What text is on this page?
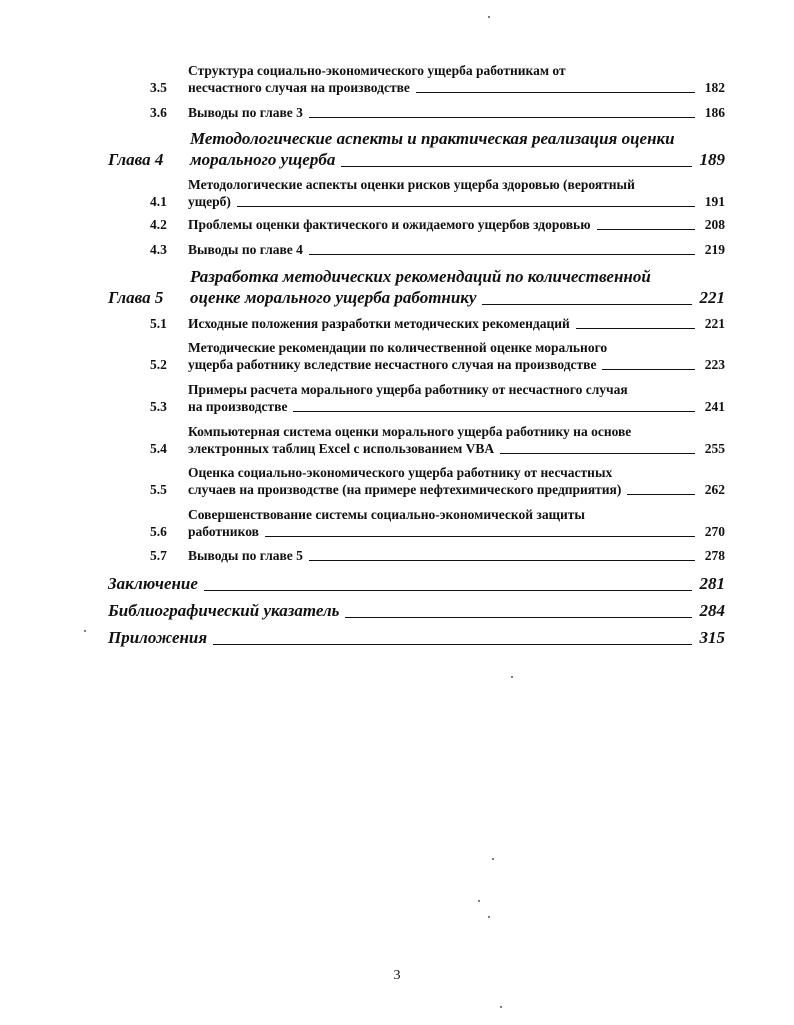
3.5
Структура социально-экономического ущерба работникам от
несчастного случая на производстве	182
3.6	Выводы по главе 3	186
Глава 4
Методологические аспекты и практическая реализация оценки
морального ущерба	189
4.1
Методологические аспекты оценки рисков ущерба здоровью (вероятный
ущерб)	191
4.2	Проблемы оценки фактического и ожидаемого ущербов здоровью	208
4.3	Выводы по главе 4	219
Глава 5
Разработка методических рекомендаций по количественной
оценке морального ущерба работнику	221
5.1	Исходные положения разработки методических рекомендаций	221
5.2
Методические рекомендации по количественной оценке морального
ущерба работнику вследствие несчастного случая на производстве	223
5.3
Примеры расчета морального ущерба работнику от несчастного случая
на производстве	241
5.4
Компьютерная система оценки морального ущерба работнику на основе
электронных таблиц Excel с использованием VBA	255
5.5
Оценка социально-экономического ущерба работнику от несчастных
случаев на производстве (на примере нефтехимического предприятия)	262
5.6
Совершенствование системы социально-экономической защиты
работников	270
5.7	Выводы по главе 5	278
Заключение	281
Библиографический указатель	284
Приложения	315
3
